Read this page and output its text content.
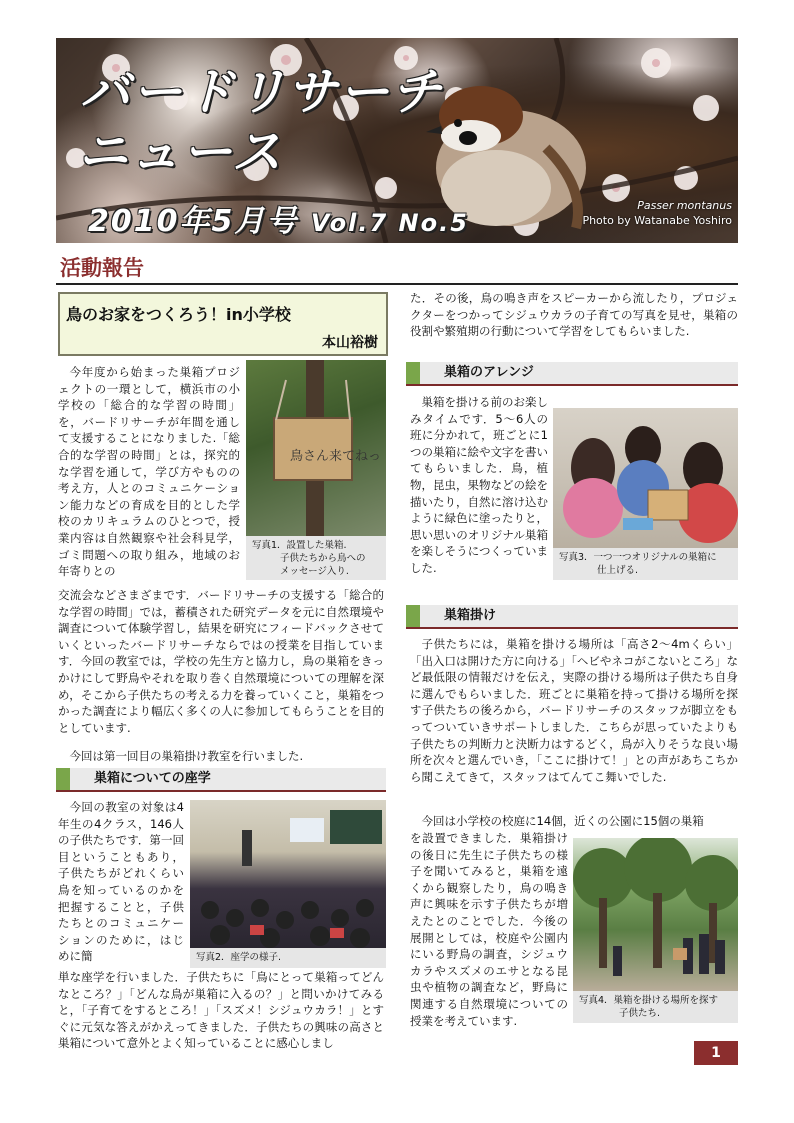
バードリサーチ
ニュース
2010年5月号 Vol.7 No.5
Passer montanus
Photo by Watanabe Yoshiro
活動報告
鳥のお家をつくろう！in小学校
本山裕樹

今年度から始まった巣箱プロジェクトの一環として，横浜市の小学校の「総合的な学習の時間」を，バードリサーチが年間を通して支援することになりました.「総合的な学習の時間」とは，探究的な学習を通して，学び方やものの考え方，人とのコミュニケーション能力などの育成を目的とした学校のカリキュラムのひとつで，授業内容は自然観察や社会科見学，ゴミ問題への取り組み，地域のお年寄りとの

鳥さん来てねっ
写真1．設置した巣箱.
子供たちから鳥への
メッセージ入り.

交流会などさまざまです．バードリサーチの支援する「総合的な学習の時間」では，蓄積された研究データを元に自然環境や調査について体験学習し，結果を研究にフィードバックさせていくといったバードリサーチならではの授業を目指しています．今回の教室では，学校の先生方と協力し，鳥の巣箱をきっかけにして野鳥やそれを取り巻く自然環境についての理解を深め，そこから子供たちの考える力を養っていくこと，巣箱をつかった調査により幅広く多くの人に参加してもらうことを目的としています.

今回は第一回目の巣箱掛け教室を行いました.

巣箱についての座学

今回の教室の対象は4年生の4クラス，146人の子供たちです．第一回目ということもあり，子供たちがどれくらい鳥を知っているのかを把握することと，子供たちとのコミュニケーションのために，はじめに簡	写真2．座学の様子.

単な座学を行いました．子供たちに「鳥にとって巣箱ってどんなところ？」「どんな鳥が巣箱に入るの？」と問いかけてみると，「子育てをするところ！」「スズメ！シジュウカラ！」とすぐに元気な答えがかえってきました．子供たちの興味の高さと巣箱について意外とよく知っていることに感心しまし

た．その後，鳥の鳴き声をスピーカーから流したり，プロジェクターをつかってシジュウカラの子育ての写真を見せ，巣箱の役割や繁殖期の行動について学習をしてもらいました.

巣箱のアレンジ

巣箱を掛ける前のお楽しみタイムです．5～6人の班に分かれて，班ごとに1つの巣箱に絵や文字を書いてもらいました．鳥，植物，昆虫，果物などの絵を描いたり，自然に溶け込むように緑色に塗ったりと，思い思いのオリジナル巣箱を楽しそうにつくっていました.

写真3．一つ一つオリジナルの巣箱に
仕上げる.
巣箱掛け

子供たちには，巣箱を掛ける場所は「高さ2～4mくらい」「出入口は開けた方に向ける」「ヘビやネコがこないところ」など最低限の情報だけを伝え，実際の掛ける場所は子供たち自身に選んでもらいました．班ごとに巣箱を持って掛ける場所を探す子供たちの後ろから，バードリサーチのスタッフが脚立をもってついていきサポートしました．こちらが思っていたよりも子供たちの判断力と決断力はするどく，鳥が入りそうな良い場所を次々と選んでいき，「ここに掛けて！」との声があちこちから聞こえてきて，スタッフはてんてこ舞いでした.

今回は小学校の校庭に14個，近くの公園に15個の巣箱

を設置できました．巣箱掛けの後日に先生に子供たちの様子を聞いてみると，巣箱を遠くから観察したり，鳥の鳴き声に興味を示す子供たちが増えたとのことでした．今後の展開としては，校庭や公園内にいる野鳥の調査，シジュウカラやスズメのエサとなる昆虫や植物の調査など，野鳥に関連する自然環境についての授業を考えています.

写真4．巣箱を掛ける場所を探す
子供たち.
1
